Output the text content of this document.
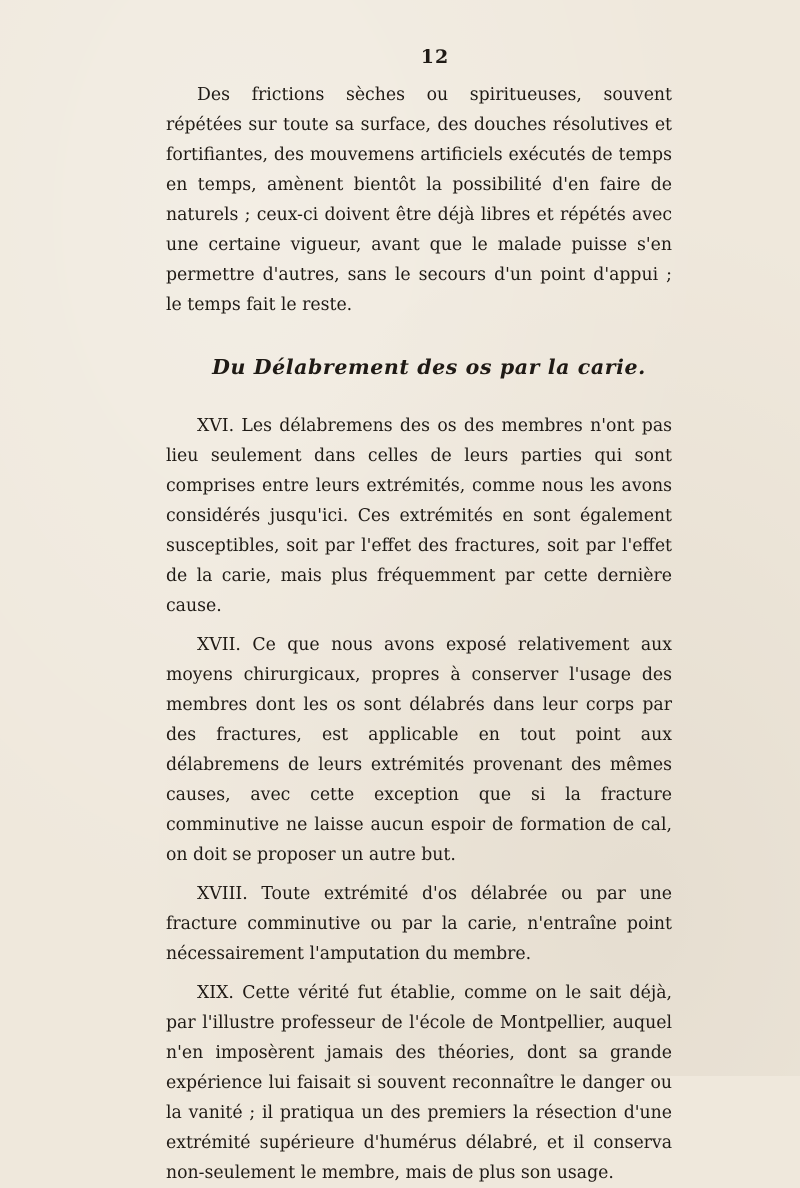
12

Des frictions sèches ou spiritueuses, souvent répétées sur toute sa surface, des douches résolutives et fortifiantes, des mouvemens artificiels exécutés de temps en temps, amènent bientôt la possibilité d'en faire de naturels ; ceux-ci doivent être déjà libres et répétés avec une certaine vigueur, avant que le malade puisse s'en permettre d'autres, sans le secours d'un point d'appui ; le temps fait le reste.

Du Délabrement des os par la carie.

XVI. Les délabremens des os des membres n'ont pas lieu seulement dans celles de leurs parties qui sont comprises entre leurs extrémités, comme nous les avons considérés jusqu'ici. Ces extrémités en sont également susceptibles, soit par l'effet des fractures, soit par l'effet de la carie, mais plus fréquemment par cette dernière cause.

XVII. Ce que nous avons exposé relativement aux moyens chirurgicaux, propres à conserver l'usage des membres dont les os sont délabrés dans leur corps par des fractures, est applicable en tout point aux délabremens de leurs extrémités provenant des mêmes causes, avec cette exception que si la fracture comminutive ne laisse aucun espoir de formation de cal, on doit se proposer un autre but.

XVIII. Toute extrémité d'os délabrée ou par une fracture comminutive ou par la carie, n'entraîne point nécessairement l'amputation du membre.

XIX. Cette vérité fut établie, comme on le sait déjà, par l'illustre professeur de l'école de Montpellier, auquel n'en imposèrent jamais des théories, dont sa grande expérience lui faisait si souvent reconnaître le danger ou la vanité ; il pratiqua un des premiers la résection d'une extrémité supérieure d'humérus délabré, et il conserva non-seulement le membre, mais de plus son usage.
